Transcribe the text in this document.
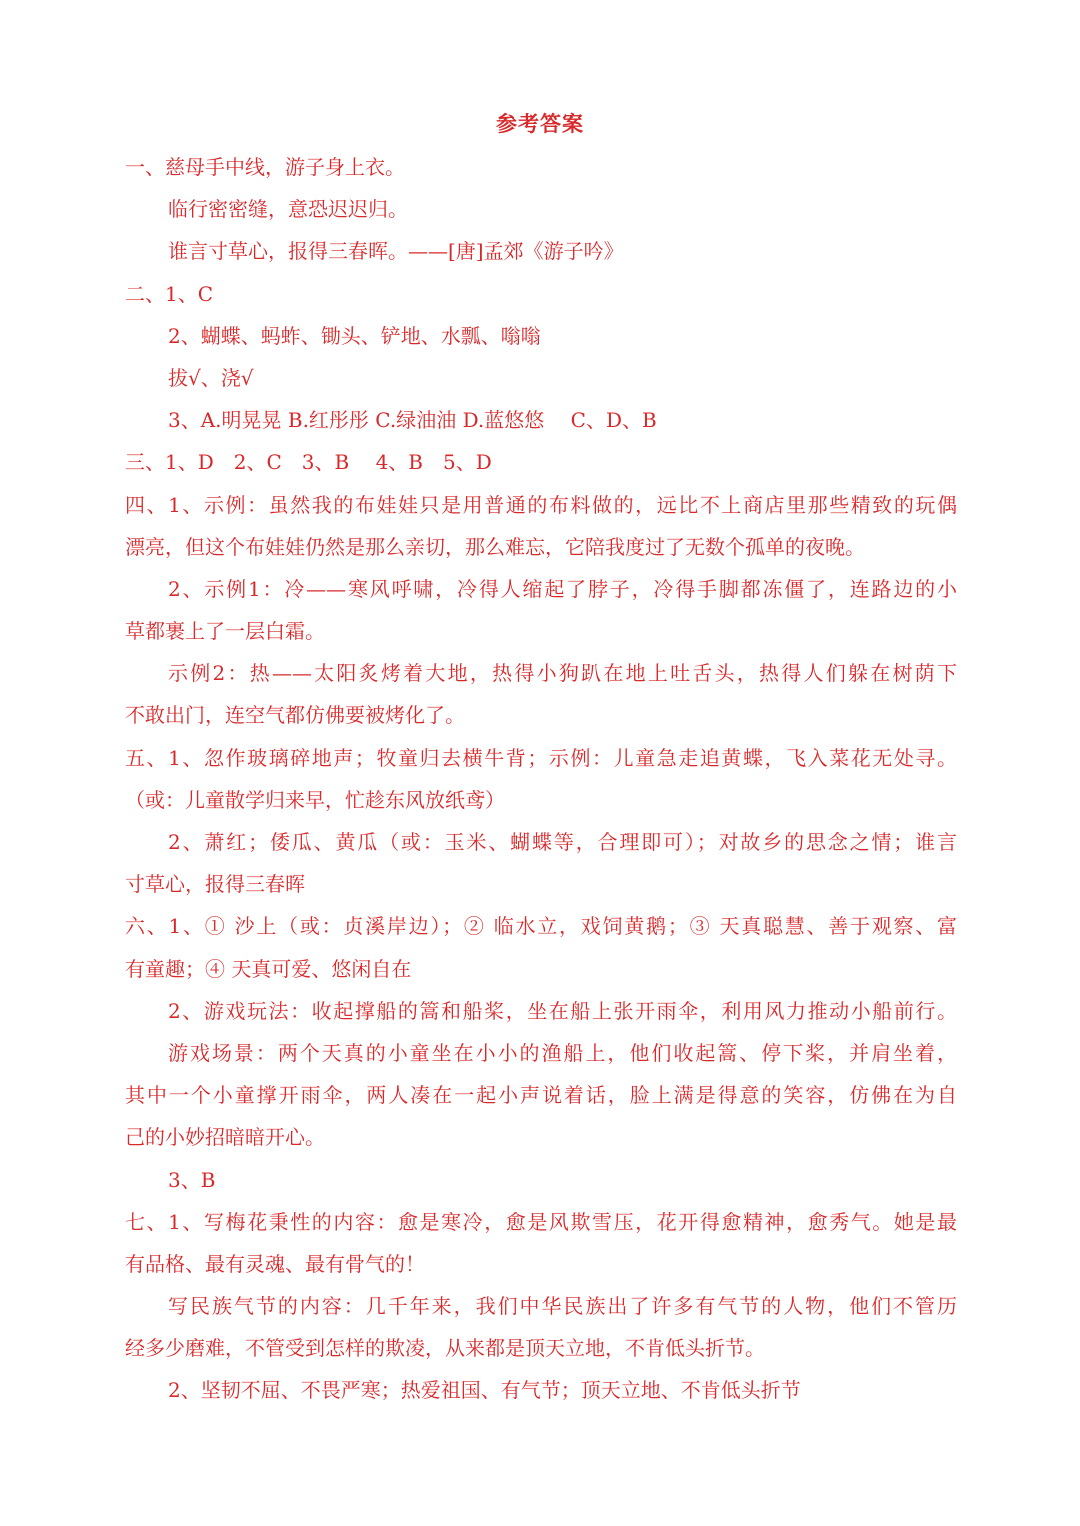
参考答案
一、慈母手中线，游子身上衣。
临行密密缝，意恐迟迟归。
谁言寸草心，报得三春晖。——[唐]孟郊《游子吟》
二、1、C
2、蝴蝶、蚂蚱、锄头、铲地、水瓢、嗡嗡
拔√、浇√
3、A.明晃晃 B.红彤彤 C.绿油油 D.蓝悠悠　 C、D、B
三、1、D　2、C　3、B　 4、B　5、D
四、1、示例：虽然我的布娃娃只是用普通的布料做的，远比不上商店里那些精致的玩偶
漂亮，但这个布娃娃仍然是那么亲切，那么难忘，它陪我度过了无数个孤单的夜晚。
2、示例1：冷——寒风呼啸，冷得人缩起了脖子，冷得手脚都冻僵了，连路边的小
草都裹上了一层白霜。
示例2：热——太阳炙烤着大地，热得小狗趴在地上吐舌头，热得人们躲在树荫下
不敢出门，连空气都仿佛要被烤化了。
五、1、忽作玻璃碎地声；牧童归去横牛背；示例：儿童急走追黄蝶，飞入菜花无处寻。
（或：儿童散学归来早，忙趁东风放纸鸢）
2、萧红；倭瓜、黄瓜（或：玉米、蝴蝶等，合理即可）；对故乡的思念之情；谁言
寸草心，报得三春晖
六、1、① 沙上（或：贞溪岸边）；② 临水立，戏饲黄鹅；③ 天真聪慧、善于观察、富
有童趣；④ 天真可爱、悠闲自在
2、游戏玩法：收起撑船的篙和船桨，坐在船上张开雨伞，利用风力推动小船前行。
游戏场景：两个天真的小童坐在小小的渔船上，他们收起篙、停下桨，并肩坐着，
其中一个小童撑开雨伞，两人凑在一起小声说着话，脸上满是得意的笑容，仿佛在为自
己的小妙招暗暗开心。
3、B
七、1、写梅花秉性的内容：愈是寒冷，愈是风欺雪压，花开得愈精神，愈秀气。她是最
有品格、最有灵魂、最有骨气的！
写民族气节的内容：几千年来，我们中华民族出了许多有气节的人物，他们不管历
经多少磨难，不管受到怎样的欺凌，从来都是顶天立地，不肯低头折节。
2、坚韧不屈、不畏严寒；热爱祖国、有气节；顶天立地、不肯低头折节
